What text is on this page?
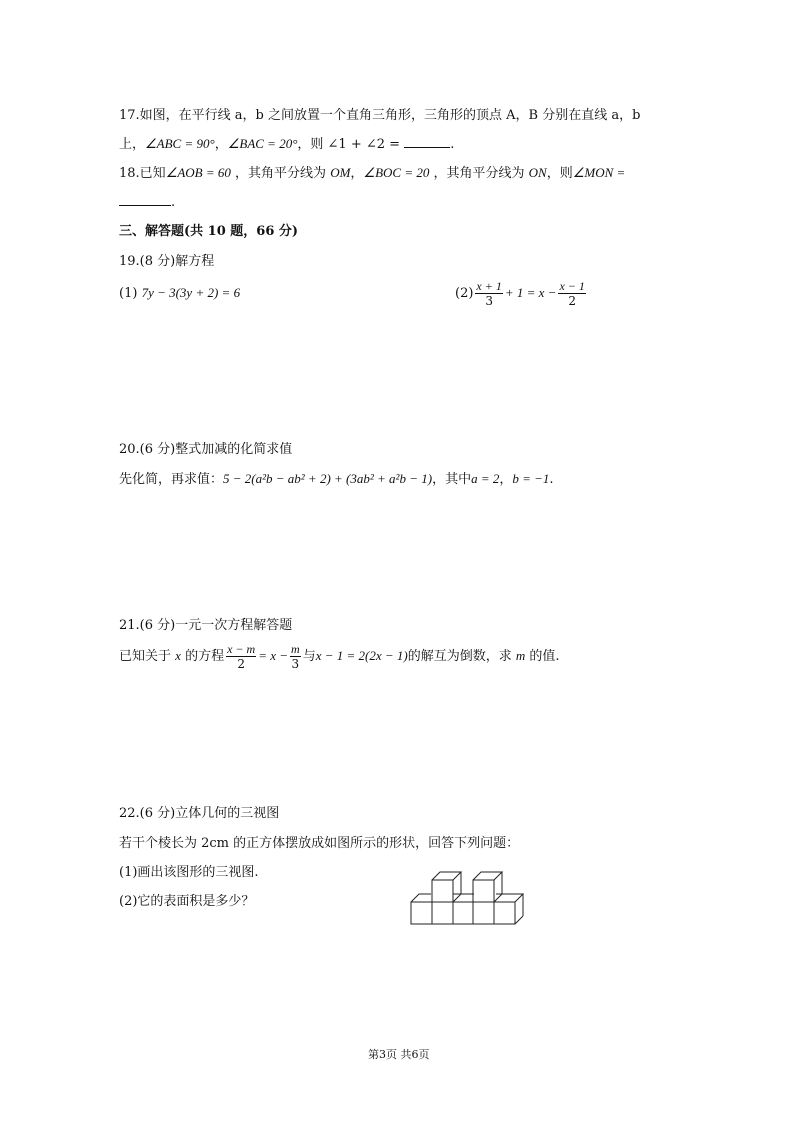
17.如图，在平行线 a，b 之间放置一个直角三角形，三角形的顶点 A，B 分别在直线 a，b
上，∠ABC = 90°，∠BAC = 20°，则 ∠1 + ∠2 =	.
18.已知∠AOB = 60 ，其角平分线为 OM，∠BOC = 20 ，其角平分线为 ON，则∠MON =
.
三、解答题(共 10 题，66 分)
19.(8 分)解方程
(1) 7y − 3(3y + 2) = 6	$(2) \frac{x + 1}{3} + 1 = x - \frac{x - 1}{2}$
20.(6 分)整式加减的化简求值
先化简，再求值：5 − 2(a²b − ab² + 2) + (3ab² + a²b − 1)，其中a = 2，b = −1.
21.(6 分)一元一次方程解答题
已知关于 x 的方程 $\frac{x - m}{2} = x - \frac{m}{3}$ 与x − 1 = 2(2x − 1)的解互为倒数，求 m 的值.
22.(6 分)立体几何的三视图
若干个棱长为 2cm 的正方体摆放成如图所示的形状，回答下列问题：
(1)画出该图形的三视图.
(2)它的表面积是多少？
第3页 共6页
